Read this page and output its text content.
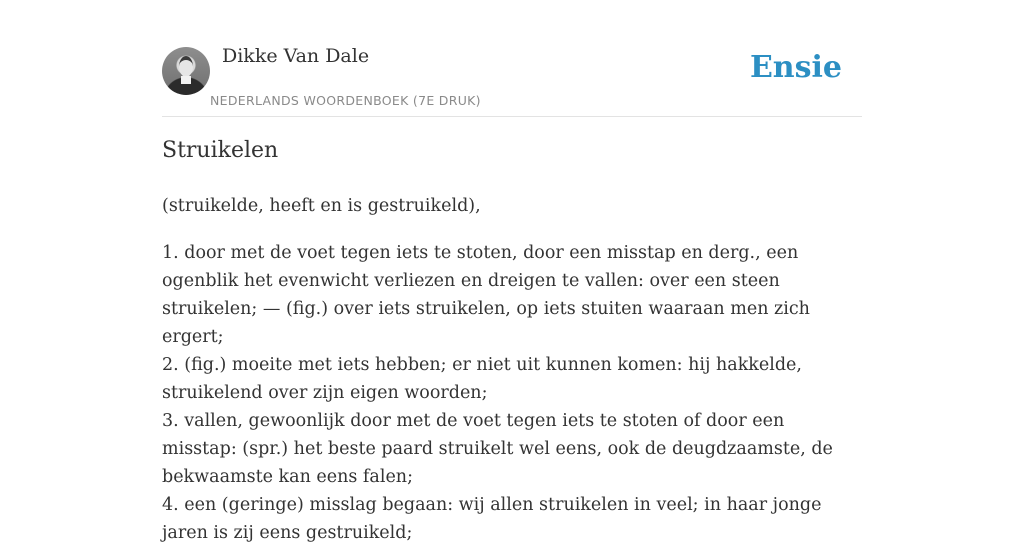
Dikke Van Dale
NEDERLANDS WOORDENBOEK (7E DRUK)
Ensie
Struikelen

(struikelde, heeft en is gestruikeld),

1. door met de voet tegen iets te stoten, door een misstap en derg., een ogenblik het evenwicht verliezen en dreigen te vallen: over een steen struikelen; — (fig.) over iets struikelen, op iets stuiten waaraan men zich ergert;
2. (fig.) moeite met iets hebben; er niet uit kunnen komen: hij hakkelde, struikelend over zijn eigen woorden;
3. vallen, gewoonlijk door met de voet tegen iets te stoten of door een misstap: (spr.) het beste paard struikelt wel eens, ook de deugdzaamste, de bekwaamste kan eens falen;
4. een (geringe) misslag begaan: wij allen struikelen in veel; in haar jonge jaren is zij eens gestruikeld;
